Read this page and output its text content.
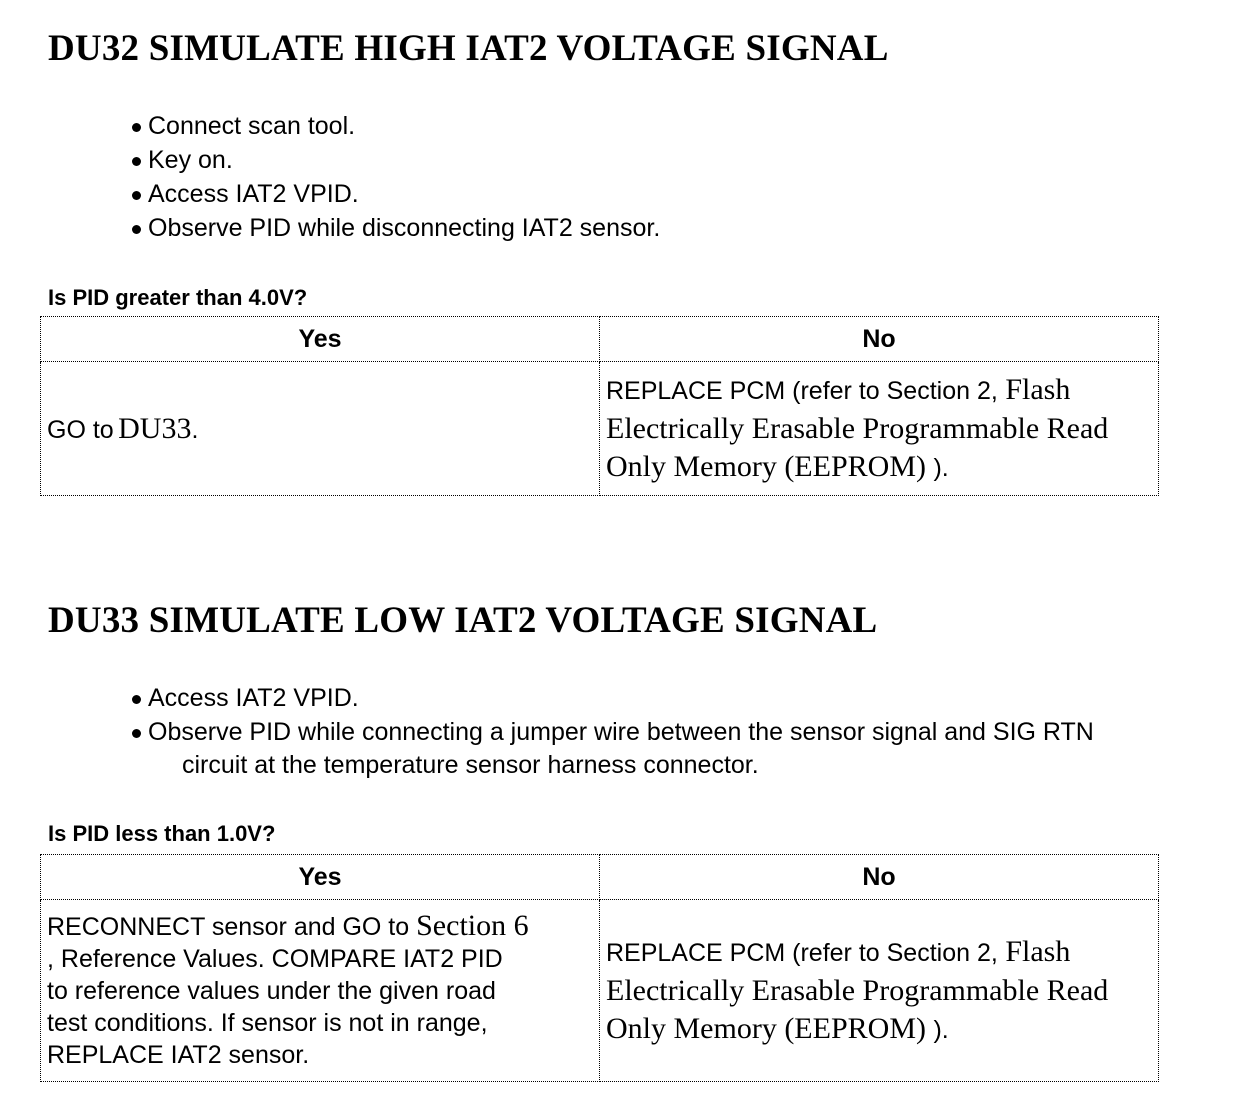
DU32 SIMULATE HIGH IAT2 VOLTAGE SIGNAL
Connect scan tool.
Key on.
Access IAT2 VPID.
Observe PID while disconnecting IAT2 sensor.

Is PID greater than 4.0V?

Yes	No
GO to DU33.	REPLACE PCM (refer to Section 2, Flash Electrically Erasable Programmable Read Only Memory (EEPROM) ).
DU33 SIMULATE LOW IAT2 VOLTAGE SIGNAL
Access IAT2 VPID.
Observe PID while connecting a jumper wire between the sensor signal and SIG RTN
circuit at the temperature sensor harness connector.

Is PID less than 1.0V?

Yes	No

RECONNECT sensor and GO to Section 6
, Reference Values. COMPARE IAT2 PID
to reference values under the given road
test conditions. If sensor is not in range,
REPLACE IAT2 sensor.	REPLACE PCM (refer to Section 2, Flash Electrically Erasable Programmable Read Only Memory (EEPROM) ).
